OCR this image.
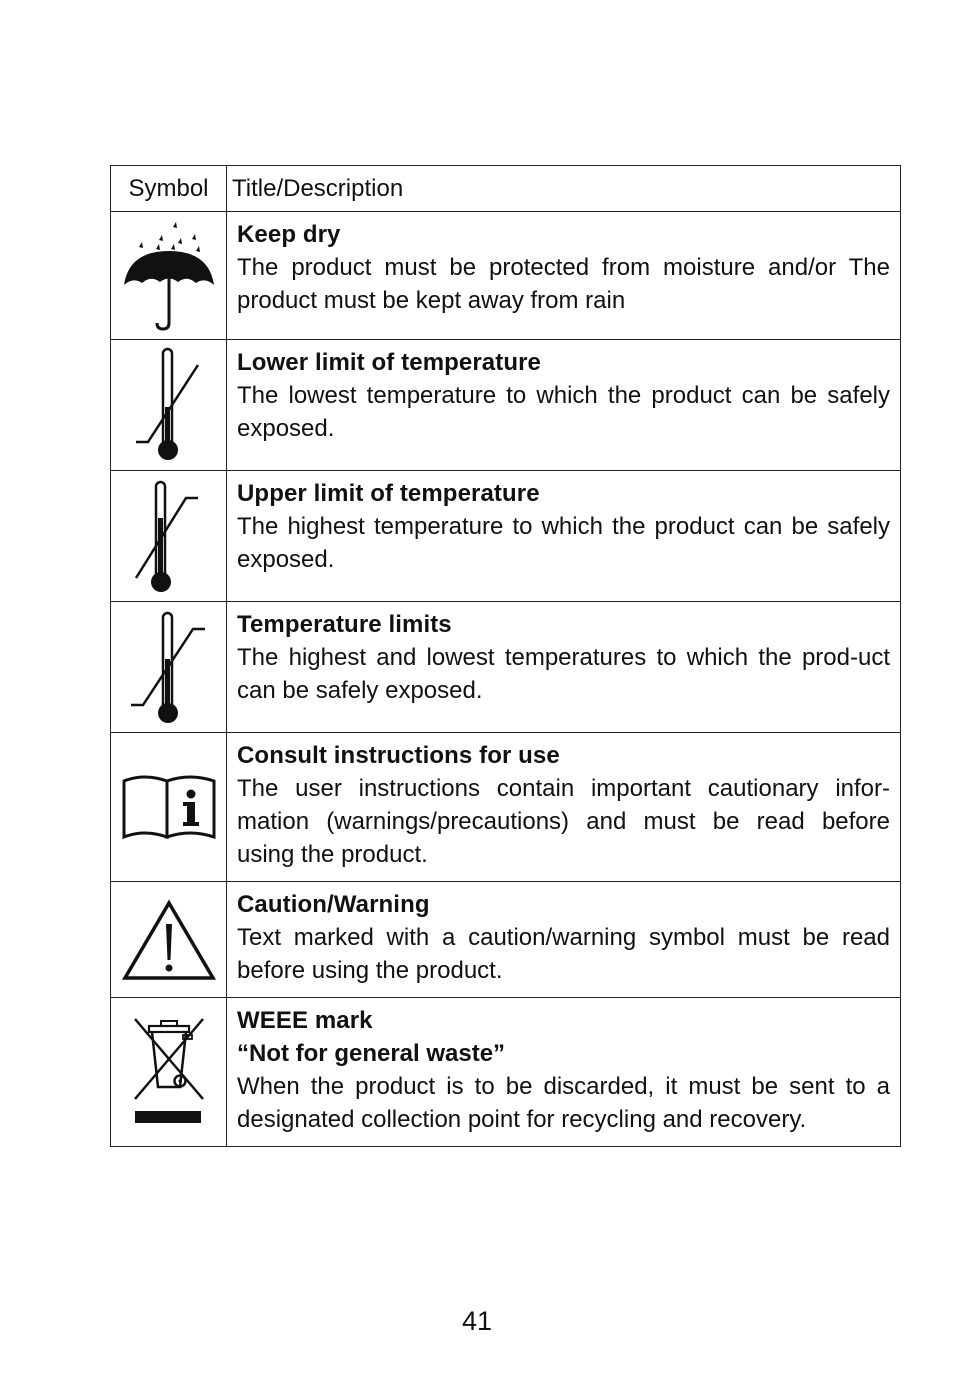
Symbol	Title/Description

Keep dry
The product must be protected from moisture and/or The product must be kept away from rain

Lower limit of temperature
The lowest temperature to which the product can be safely exposed.

Upper limit of temperature
The highest temperature to which the product can be safely exposed.

Temperature limits
The highest and lowest temperatures to which the prod-uct can be safely exposed.

Consult instructions for use
The user instructions contain important cautionary infor-mation (warnings/precautions) and must be read before using the product.

Caution/Warning
Text marked with a caution/warning symbol must be read before using the product.

WEEE mark
“Not for general waste”
When the product is to be discarded, it must be sent to a designated collection point for recycling and recovery.
41
